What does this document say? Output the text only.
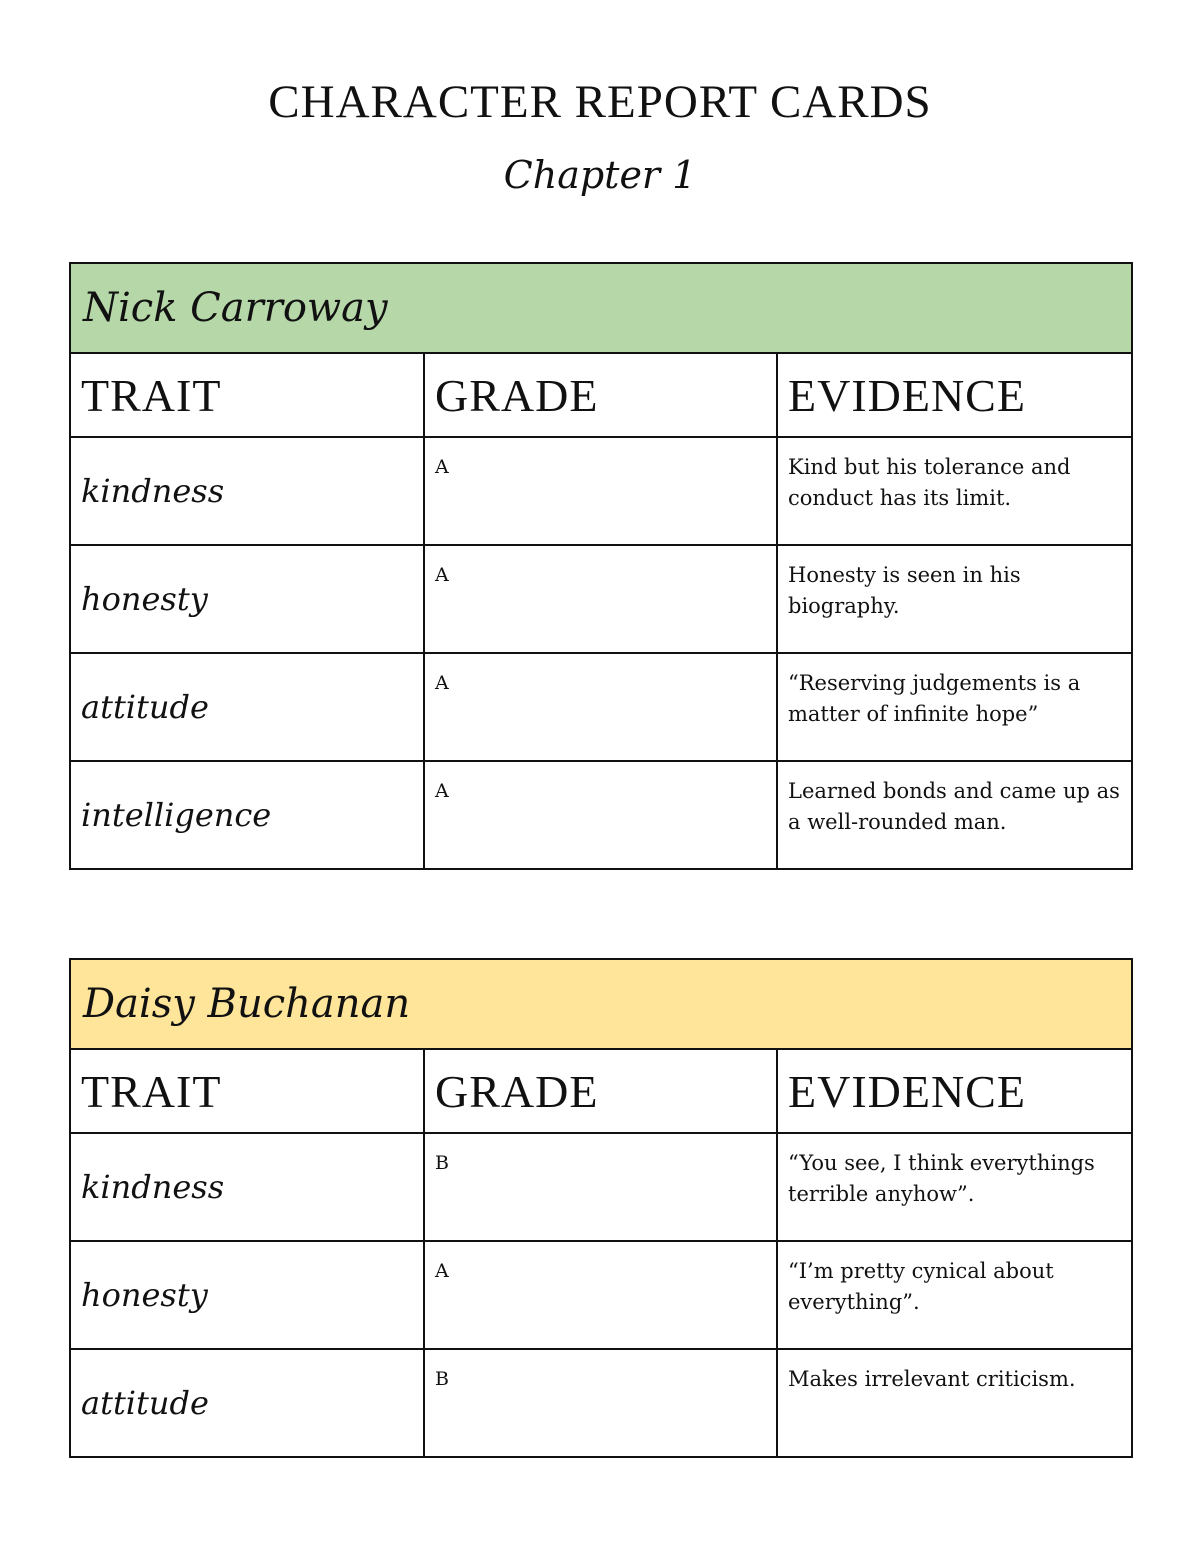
CHARACTER REPORT CARDS
Chapter 1
Nick Carroway		
TRAIT	GRADE	EVIDENCE
kindness	A	Kind but his tolerance and conduct has its limit.
honesty	A	Honesty is seen in his biography.
attitude	A	“Reserving judgements is a matter of infinite hope”
intelligence	A	Learned bonds and came up as a well-rounded man.
Daisy Buchanan		
TRAIT	GRADE	EVIDENCE
kindness	B	“You see, I think everythings terrible anyhow”.
honesty	A	“I’m pretty cynical about everything”.
attitude	B	Makes irrelevant criticism.
